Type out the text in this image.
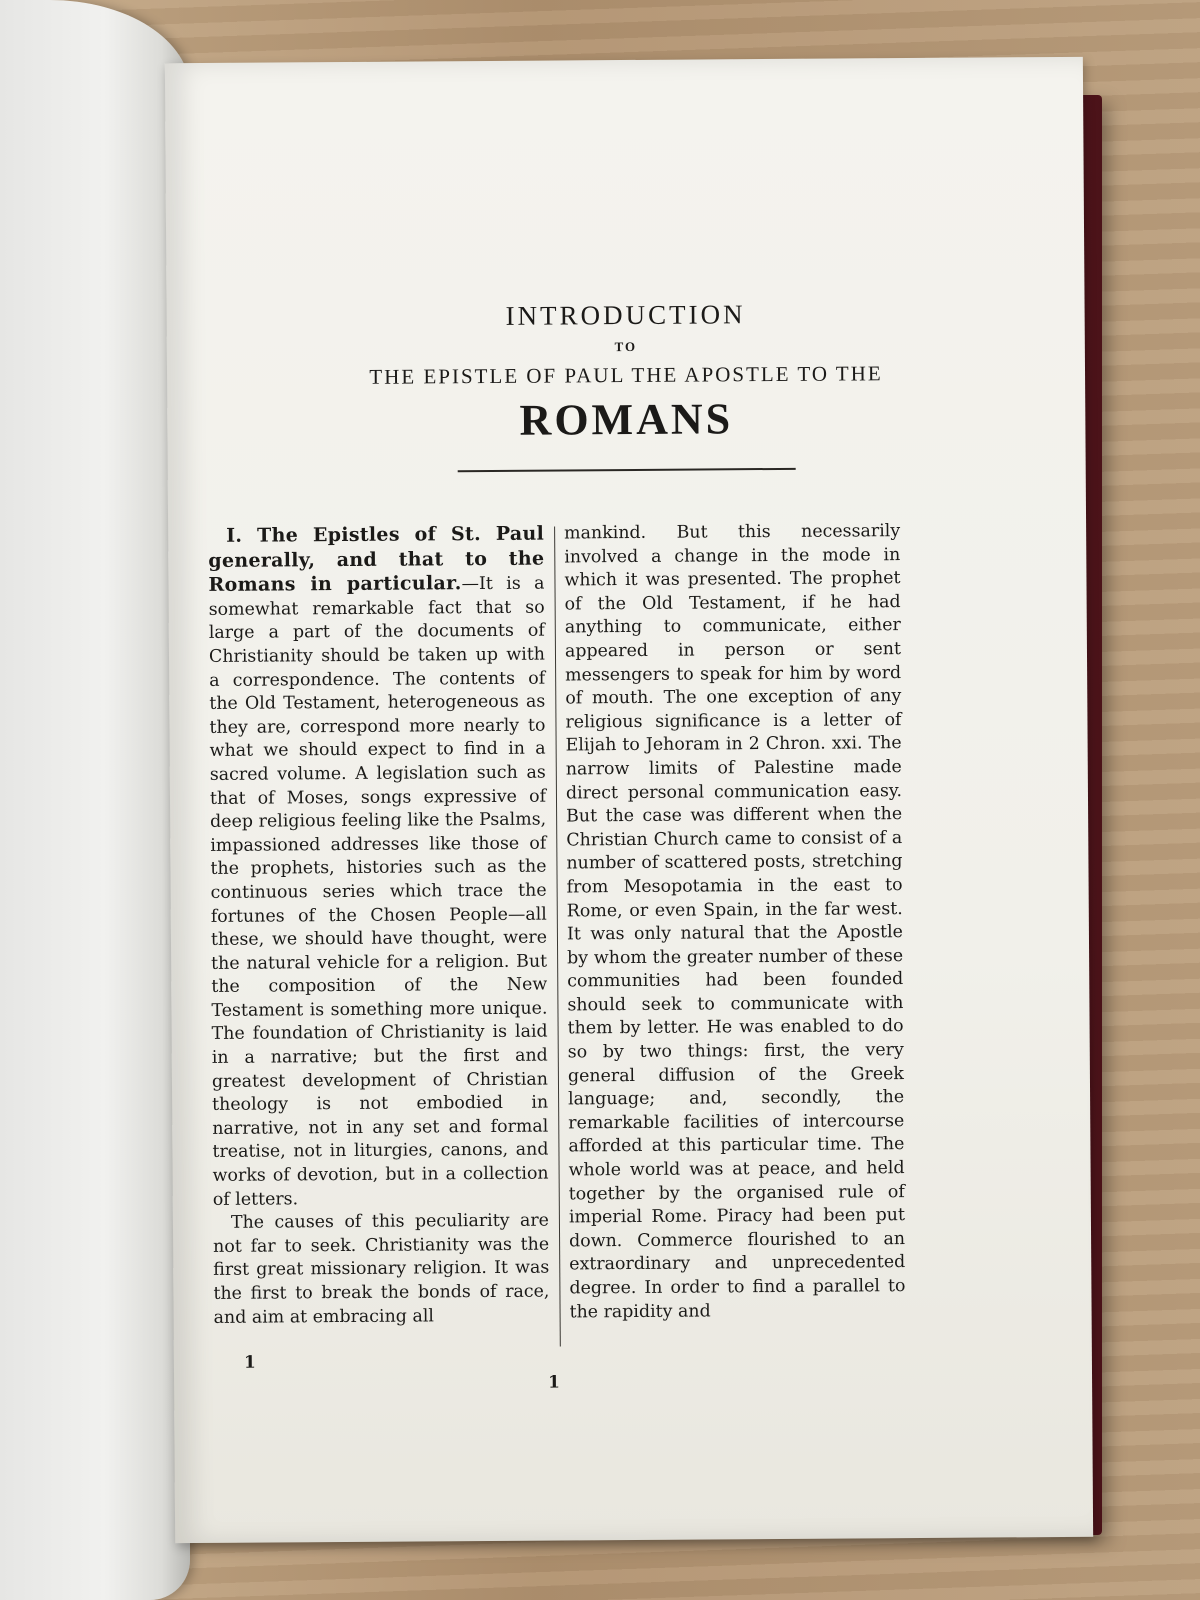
INTRODUCTION
TO
THE EPISTLE OF PAUL THE APOSTLE TO THE
ROMANS

I. The Epistles of St. Paul generally, and that to the Romans in particular.—It is a somewhat remarkable fact that so large a part of the documents of Christianity should be taken up with a correspondence. The contents of the Old Testament, heterogeneous as they are, correspond more nearly to what we should expect to find in a sacred volume. A legislation such as that of Moses, songs expressive of deep religious feeling like the Psalms, impassioned addresses like those of the prophets, histories such as the continuous series which trace the fortunes of the Chosen People—all these, we should have thought, were the natural vehicle for a religion. But the composition of the New Testament is something more unique. The foundation of Christianity is laid in a narrative; but the first and greatest development of Christian theology is not embodied in narrative, not in any set and formal treatise, not in liturgies, canons, and works of devotion, but in a collection of letters.

The causes of this peculiarity are not far to seek. Christianity was the first great missionary religion. It was the first to break the bonds of race, and aim at embracing all

mankind. But this necessarily involved a change in the mode in which it was presented. The prophet of the Old Testament, if he had anything to communicate, either appeared in person or sent messengers to speak for him by word of mouth. The one exception of any religious significance is a letter of Elijah to Jehoram in 2 Chron. xxi. The narrow limits of Palestine made direct personal communication easy. But the case was different when the Christian Church came to consist of a number of scattered posts, stretching from Mesopotamia in the east to Rome, or even Spain, in the far west. It was only natural that the Apostle by whom the greater number of these communities had been founded should seek to communicate with them by letter. He was enabled to do so by two things: first, the very general diffusion of the Greek language; and, secondly, the remarkable facilities of intercourse afforded at this particular time. The whole world was at peace, and held together by the organised rule of imperial Rome. Piracy had been put down. Commerce flourished to an extraordinary and unprecedented degree. In order to find a parallel to the rapidity and

1
1
